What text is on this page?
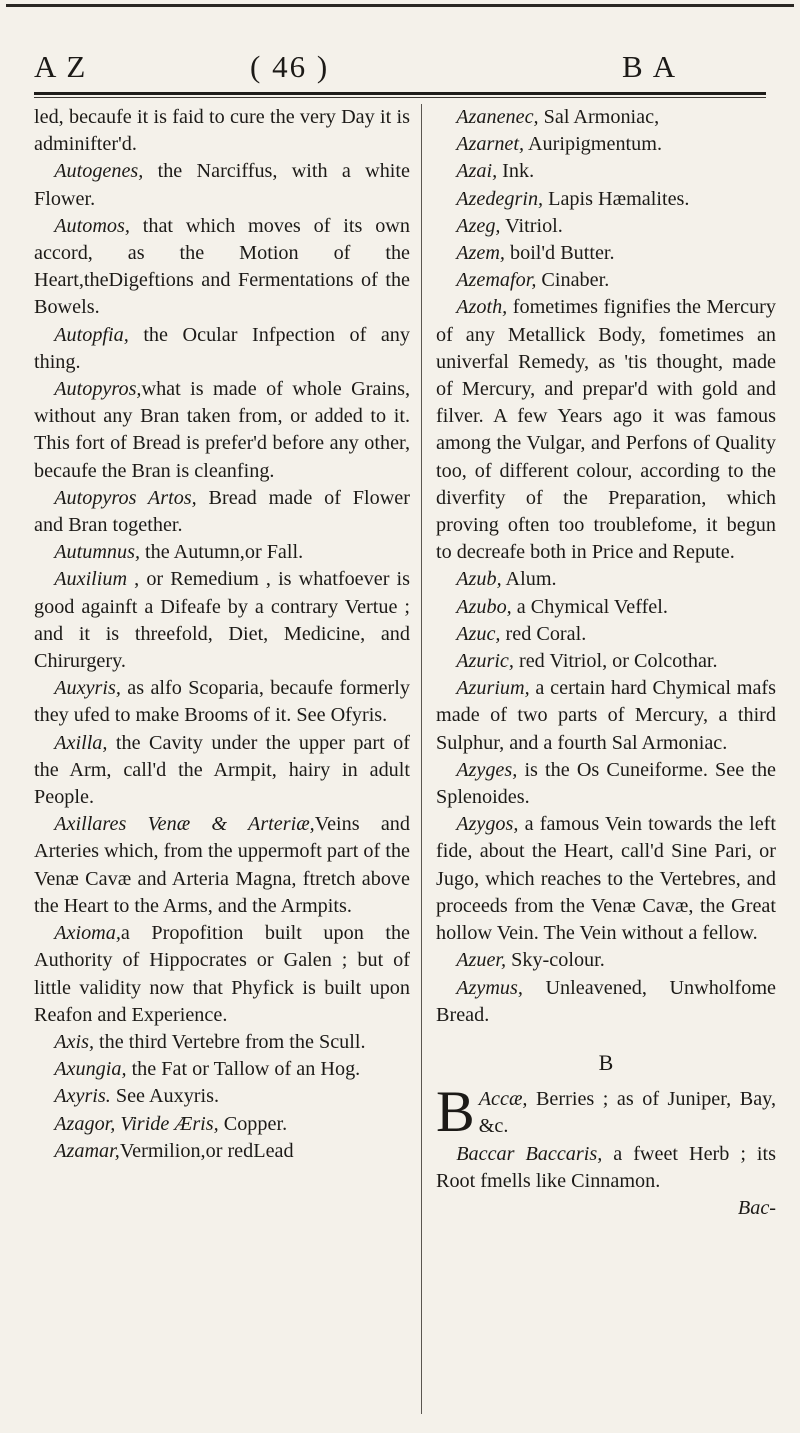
A Z	( 46 )	B A

led, becaufe it is faid to cure the very Day it is adminifter'd.

Autogenes, the Narciffus, with a white Flower.

Automos, that which moves of its own accord, as the Motion of the Heart,theDigeftions and Fermentations of the Bowels.

Autopfia, the Ocular Infpection of any thing.

Autopyros,what is made of whole Grains, without any Bran taken from, or added to it. This fort of Bread is prefer'd before any other, becaufe the Bran is cleanfing.

Autopyros Artos, Bread made of Flower and Bran together.

Autumnus, the Autumn,or Fall.

Auxilium , or Remedium , is whatfoever is good againft a Difeafe by a contrary Vertue ; and it is threefold, Diet, Medicine, and Chirurgery.

Auxyris, as alfo Scoparia, becaufe formerly they ufed to make Brooms of it. See Ofyris.

Axilla, the Cavity under the upper part of the Arm, call'd the Armpit, hairy in adult People.

Axillares Venæ & Arteriæ,Veins and Arteries which, from the uppermoft part of the Venæ Cavæ and Arteria Magna, ftretch above the Heart to the Arms, and the Armpits.

Axioma,a Propofition built upon the Authority of Hippocrates or Galen ; but of little validity now that Phyfick is built upon Reafon and Experience.

Axis, the third Vertebre from the Scull.

Axungia, the Fat or Tallow of an Hog.

Axyris. See Auxyris.

Azagor, Viride Æris, Copper.

Azamar,Vermilion,or redLead

Azanenec, Sal Armoniac,

Azarnet, Auripigmentum.

Azai, Ink.

Azedegrin, Lapis Hæmalites.

Azeg, Vitriol.

Azem, boil'd Butter.

Azemafor, Cinaber.

Azoth, fometimes fignifies the Mercury of any Metallick Body, fometimes an univerfal Remedy, as 'tis thought, made of Mercury, and prepar'd with gold and filver. A few Years ago it was famous among the Vulgar, and Perfons of Quality too, of different colour, according to the diverfity of the Preparation, which proving often too troublefome, it begun to decreafe both in Price and Repute.

Azub, Alum.

Azubo, a Chymical Veffel.

Azuc, red Coral.

Azuric, red Vitriol, or Colcothar.

Azurium, a certain hard Chymical mafs made of two parts of Mercury, a third Sulphur, and a fourth Sal Armoniac.

Azyges, is the Os Cuneiforme. See the Splenoides.

Azygos, a famous Vein towards the left fide, about the Heart, call'd Sine Pari, or Jugo, which reaches to the Vertebres, and proceeds from the Venæ Cavæ, the Great hollow Vein. The Vein without a fellow.

Azuer, Sky-colour.

Azymus, Unleavened, Unwholfome Bread.

B

B Accæ, Berries ; as of Juniper, Bay, &c.

Baccar Baccaris, a fweet Herb ; its Root fmells like Cinnamon.

Bac-
